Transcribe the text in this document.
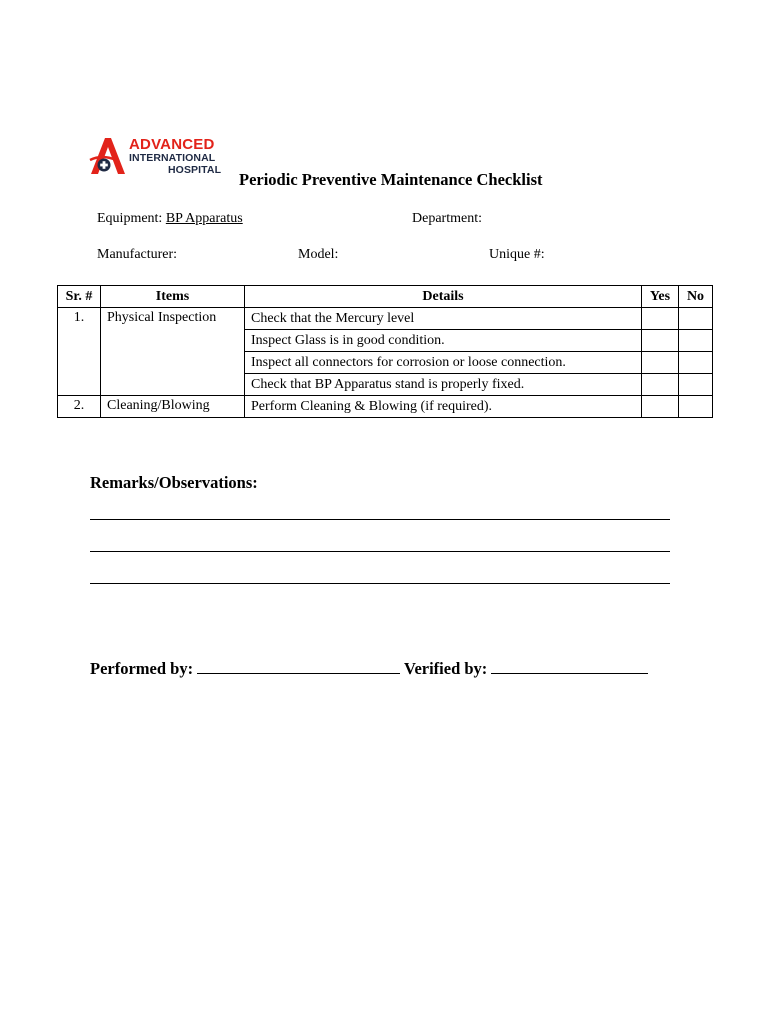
ADVANCED
INTERNATIONAL
HOSPITAL
Periodic Preventive Maintenance Checklist
Equipment: BP Apparatus	Department:
Manufacturer:	Model:	Unique #:
Sr. #	Items	Details	Yes	No
1.	Physical Inspection	Check that the Mercury level		
		Inspect Glass is in good condition.		
		Inspect all connectors for corrosion or loose connection.		
		Check that BP Apparatus stand is properly fixed.		
2.	Cleaning/Blowing	Perform Cleaning & Blowing (if required).		
Remarks/Observations:
Performed by:	Verified by:
